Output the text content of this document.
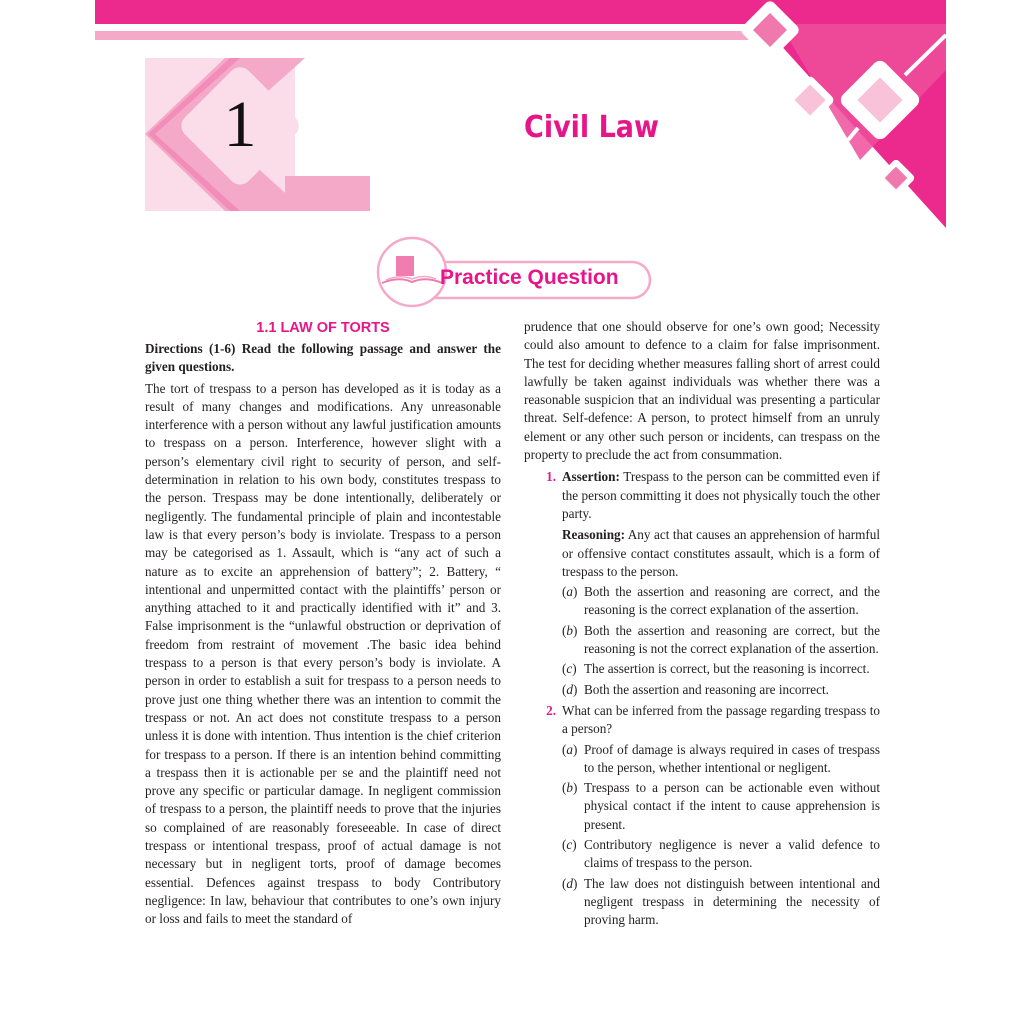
1	Civil Law
Practice Question
1.1 LAW OF TORTS
Directions (1-6) Read the following passage and answer the given questions.
The tort of trespass to a person has developed as it is today as a result of many changes and modifications. Any unreasonable interference with a person without any lawful justification amounts to trespass on a person. Interference, however slight with a person’s elementary civil right to security of person, and self-determination in relation to his own body, constitutes trespass to the person. Trespass may be done intentionally, deliberately or negligently. The fundamental principle of plain and incontestable law is that every person’s body is inviolate. Trespass to a person may be categorised as 1. Assault, which is “any act of such a nature as to excite an apprehension of battery”; 2. Battery, “ intentional and unpermitted contact with the plaintiffs’ person or anything attached to it and practically identified with it” and 3. False imprisonment is the “unlawful obstruction or deprivation of freedom from restraint of movement .The basic idea behind trespass to a person is that every person’s body is inviolate. A person in order to establish a suit for trespass to a person needs to prove just one thing whether there was an intention to commit the trespass or not. An act does not constitute trespass to a person unless it is done with intention. Thus intention is the chief criterion for trespass to a person. If there is an intention behind committing a trespass then it is actionable per se and the plaintiff need not prove any specific or particular damage. In negligent commission of trespass to a person, the plaintiff needs to prove that the injuries so complained of are reasonably foreseeable. In case of direct trespass or intentional trespass, proof of actual damage is not necessary but in negligent torts, proof of damage becomes essential. Defences against trespass to body Contributory negligence: In law, behaviour that contributes to one’s own injury or loss and fails to meet the standard of
prudence that one should observe for one’s own good; Necessity could also amount to defence to a claim for false imprisonment. The test for deciding whether measures falling short of arrest could lawfully be taken against individuals was whether there was a reasonable suspicion that an individual was presenting a particular threat. Self-defence: A person, to protect himself from an unruly element or any other such person or incidents, can trespass on the property to preclude the act from consummation.
1. Assertion: Trespass to the person can be committed even if the person committing it does not physically touch the other party.
Reasoning: Any act that causes an apprehension of harmful or offensive contact constitutes assault, which is a form of trespass to the person.
(a) Both the assertion and reasoning are correct, and the reasoning is the correct explanation of the assertion.
(b) Both the assertion and reasoning are correct, but the reasoning is not the correct explanation of the assertion.
(c) The assertion is correct, but the reasoning is incorrect.
(d) Both the assertion and reasoning are incorrect.
2. What can be inferred from the passage regarding trespass to a person?
(a) Proof of damage is always required in cases of trespass to the person, whether intentional or negligent.
(b) Trespass to a person can be actionable even without physical contact if the intent to cause apprehension is present.
(c) Contributory negligence is never a valid defence to claims of trespass to the person.
(d) The law does not distinguish between intentional and negligent trespass in determining the necessity of proving harm.
